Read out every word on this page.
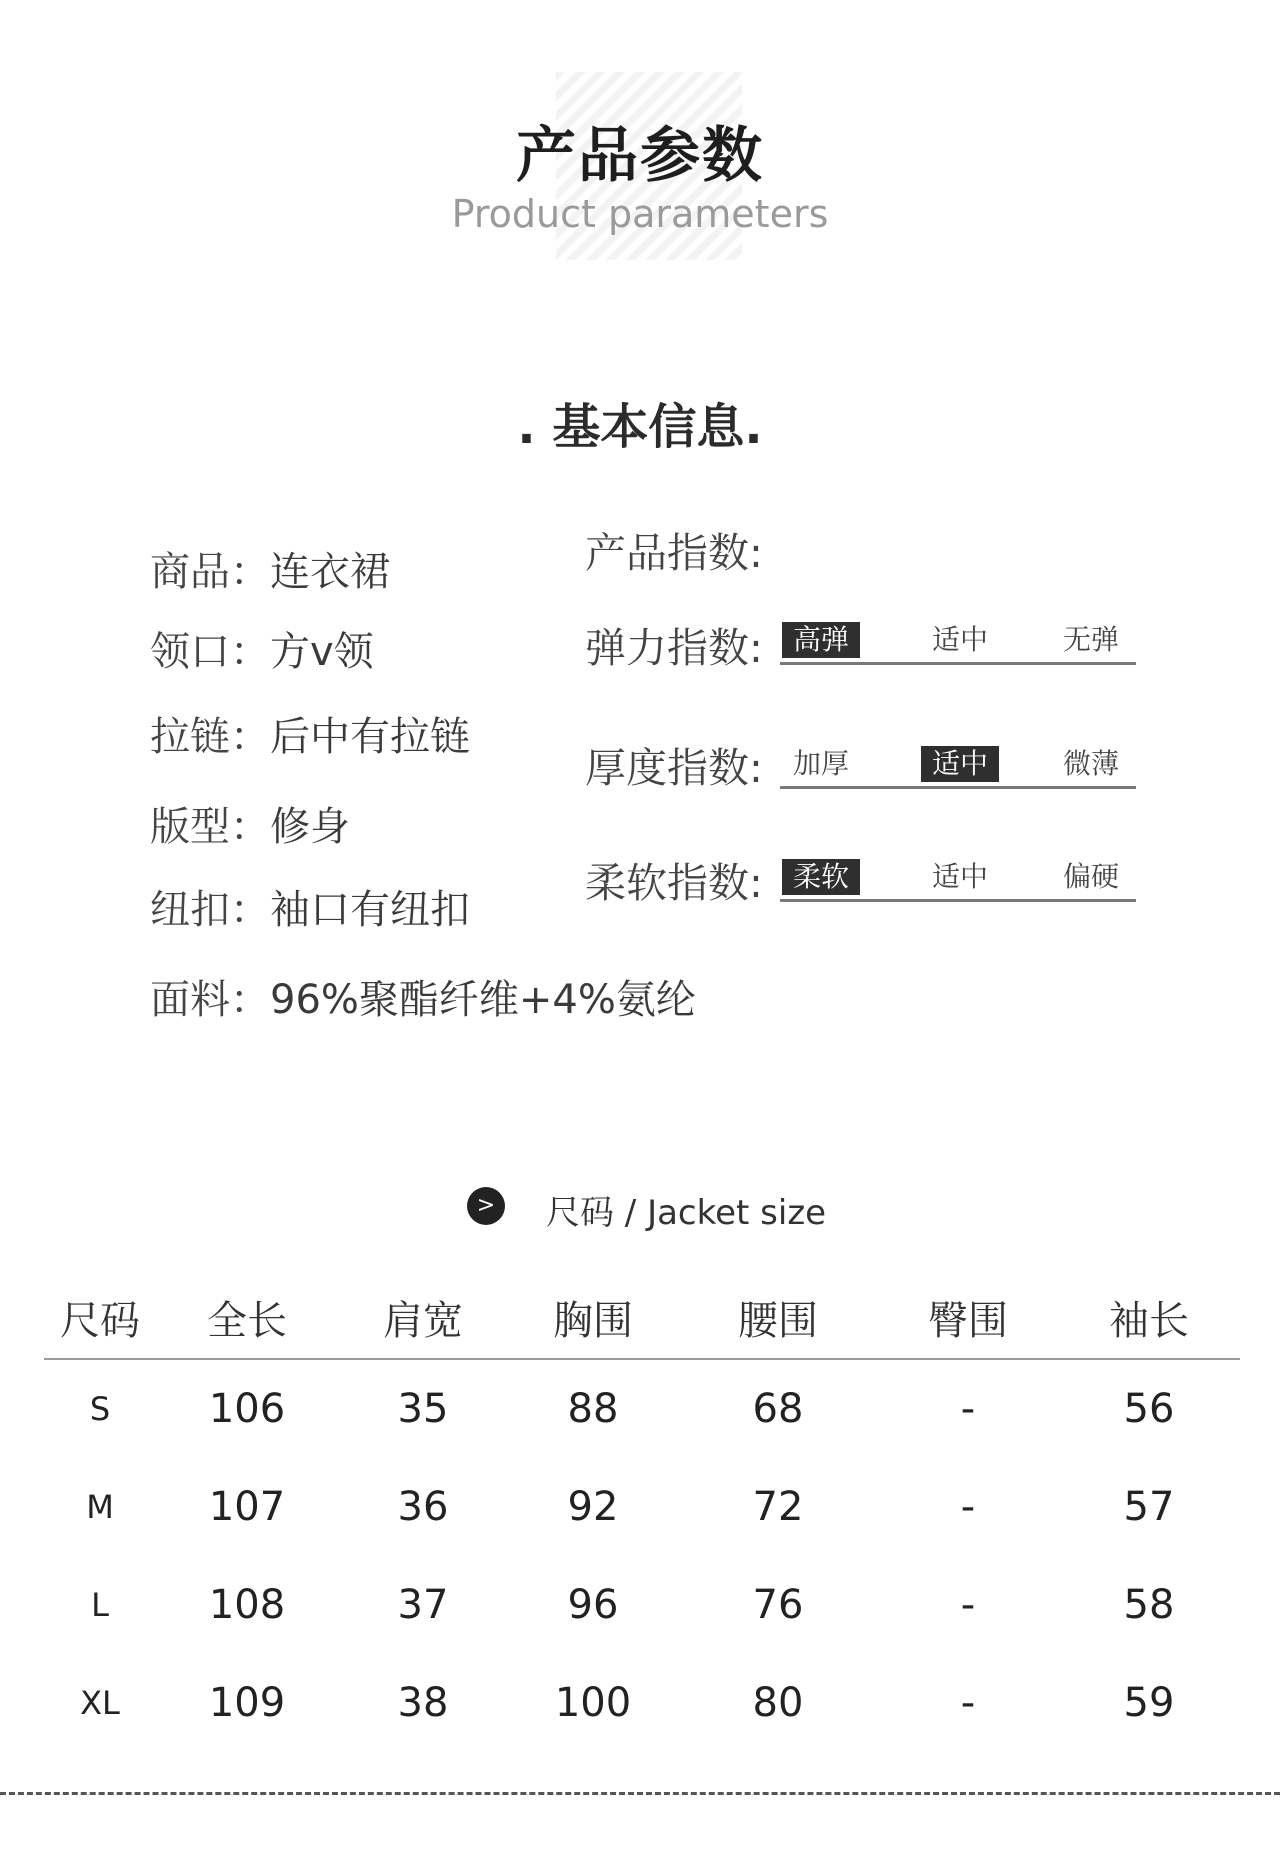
产品参数
Product parameters
. 基本信息.
商品：连衣裙
领口：方v领
拉链：后中有拉链
版型：修身
纽扣：袖口有纽扣
面料：96%聚酯纤维+4%氨纶
产品指数:
弹力指数:	高弹	适中	无弹
厚度指数:	加厚	适中	微薄
柔软指数:	柔软	适中	偏硬
> 尺码 / Jacket size
尺码	全长	肩宽	胸围	腰围	臀围	袖长
S	106	35	88	68	-	56
M	107	36	92	72	-	57
L	108	37	96	76	-	58
XL	109	38	100	80	-	59
